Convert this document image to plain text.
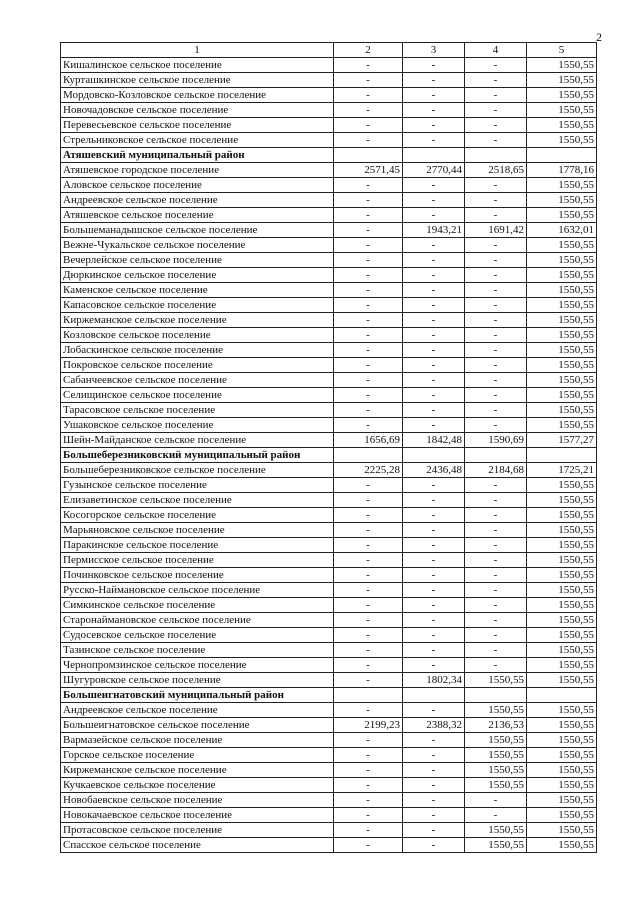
2
1	2	3	4	5
Кишалинское сельское поселение	-	-	-	1550,55
Курташкинское сельское поселение	-	-	-	1550,55
Мордовско-Козловское сельское поселение	-	-	-	1550,55
Новочадовское сельское поселение	-	-	-	1550,55
Перевесьевское сельское поселение	-	-	-	1550,55
Стрельниковское сельское поселение	-	-	-	1550,55
Атяшевский муниципальный район				
Атяшевское городское поселение	2571,45	2770,44	2518,65	1778,16
Аловское сельское поселение	-	-	-	1550,55
Андреевское сельское поселение	-	-	-	1550,55
Атяшевское сельское поселение	-	-	-	1550,55
Большеманадышское сельское поселение	-	1943,21	1691,42	1632,01
Вежне-Чукальское сельское поселение	-	-	-	1550,55
Вечерлейское сельское поселение	-	-	-	1550,55
Дюркинское сельское поселение	-	-	-	1550,55
Каменское сельское поселение	-	-	-	1550,55
Капасовское сельское поселение	-	-	-	1550,55
Киржеманское сельское поселение	-	-	-	1550,55
Козловское сельское поселение	-	-	-	1550,55
Лобаскинское сельское поселение	-	-	-	1550,55
Покровское сельское поселение	-	-	-	1550,55
Сабанчеевское сельское поселение	-	-	-	1550,55
Селищинское сельское поселение	-	-	-	1550,55
Тарасовское сельское поселение	-	-	-	1550,55
Ушаковское сельское поселение	-	-	-	1550,55
Шейн-Майданское сельское поселение	1656,69	1842,48	1590,69	1577,27
Большеберезниковский муниципальный район				
Большеберезниковское сельское поселение	2225,28	2436,48	2184,68	1725,21
Гузынское сельское поселение	-	-	-	1550,55
Елизаветинское сельское поселение	-	-	-	1550,55
Косогорское сельское поселение	-	-	-	1550,55
Марьяновское сельское поселение	-	-	-	1550,55
Паракинское сельское поселение	-	-	-	1550,55
Пермисское сельское поселение	-	-	-	1550,55
Починковское сельское поселение	-	-	-	1550,55
Русско-Наймановское сельское поселение	-	-	-	1550,55
Симкинское сельское поселение	-	-	-	1550,55
Старонаймановское сельское поселение	-	-	-	1550,55
Судосевское сельское поселение	-	-	-	1550,55
Тазинское сельское поселение	-	-	-	1550,55
Чернопромзинское сельское поселение	-	-	-	1550,55
Шугуровское сельское поселение	-	1802,34	1550,55	1550,55
Большеигнатовский муниципальный район				
Андреевское сельское поселение	-	-	1550,55	1550,55
Большеигнатовское сельское поселение	2199,23	2388,32	2136,53	1550,55
Вармазейское сельское поселение	-	-	1550,55	1550,55
Горское сельское поселение	-	-	1550,55	1550,55
Киржеманское сельское поселение	-	-	1550,55	1550,55
Кучкаевское сельское поселение	-	-	1550,55	1550,55
Новобаевское сельское поселение	-	-	-	1550,55
Новокачаевское сельское поселение	-	-	-	1550,55
Протасовское сельское поселение	-	-	1550,55	1550,55
Спасское сельское поселение	-	-	1550,55	1550,55
